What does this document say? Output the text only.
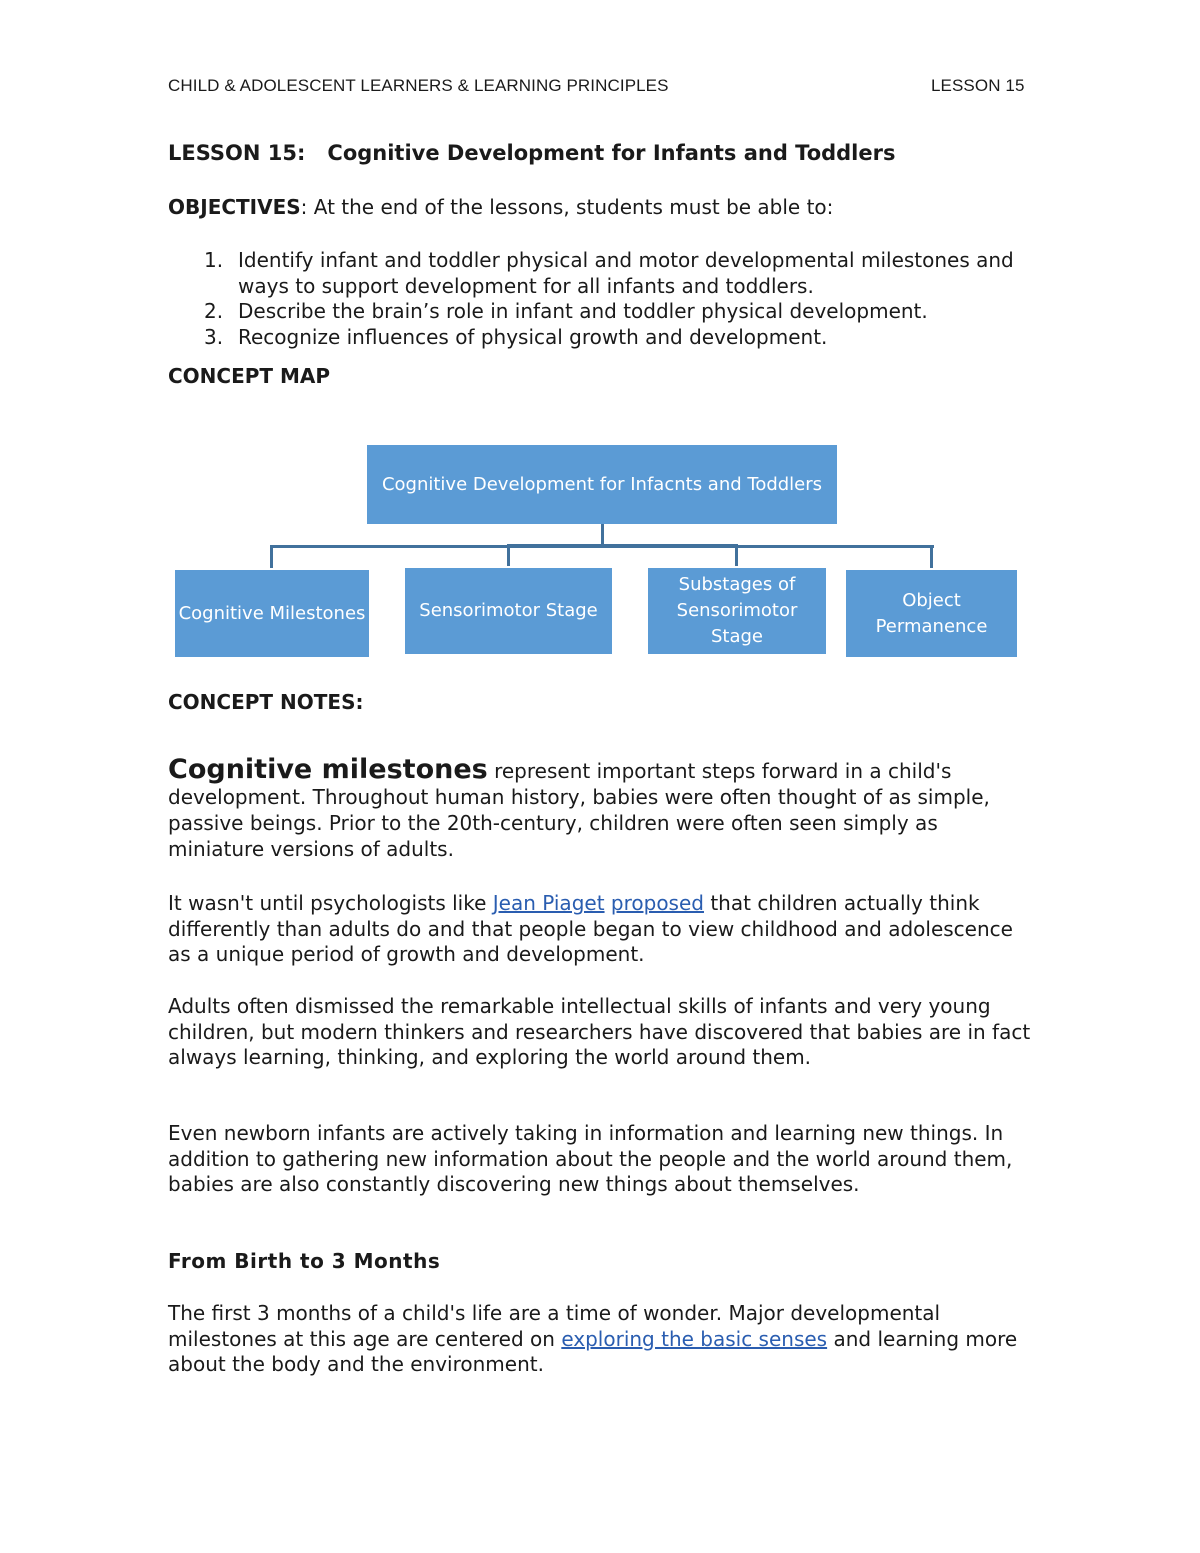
CHILD & ADOLESCENT LEARNERS & LEARNING PRINCIPLES	LESSON 15
LESSON 15: Cognitive Development for Infants and Toddlers
OBJECTIVES: At the end of the lessons, students must be able to:
1. Identify infant and toddler physical and motor developmental milestones and ways to support development for all infants and toddlers.
2. Describe the brain’s role in infant and toddler physical development.
3. Recognize influences of physical growth and development.
CONCEPT MAP
Cognitive Development for Infacnts and Toddlers
Cognitive Milestones	Sensorimotor Stage
Substages of Sensorimotor Stage
Object Permanence
CONCEPT NOTES:
Cognitive milestones represent important steps forward in a child's development. Throughout human history, babies were often thought of as simple, passive beings. Prior to the 20th-century, children were often seen simply as miniature versions of adults.
It wasn't until psychologists like Jean Piaget proposed that children actually think differently than adults do and that people began to view childhood and adolescence as a unique period of growth and development.
Adults often dismissed the remarkable intellectual skills of infants and very young children, but modern thinkers and researchers have discovered that babies are in fact always learning, thinking, and exploring the world around them.
Even newborn infants are actively taking in information and learning new things. In addition to gathering new information about the people and the world around them, babies are also constantly discovering new things about themselves.
From Birth to 3 Months
The first 3 months of a child's life are a time of wonder. Major developmental milestones at this age are centered on exploring the basic senses and learning more about the body and the environment.
